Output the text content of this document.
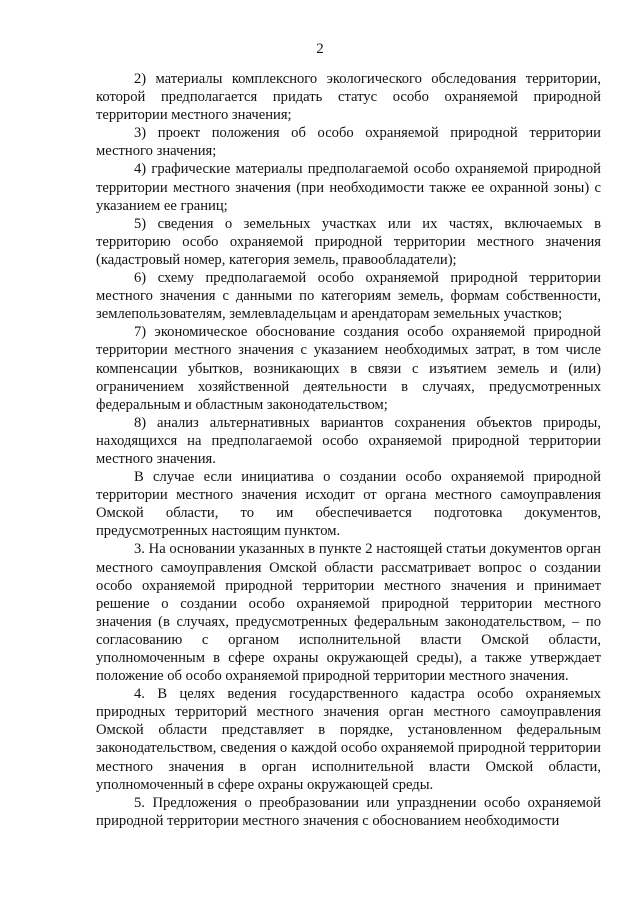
2

2) материалы комплексного экологического обследования территории, которой предполагается придать статус особо охраняемой природной территории местного значения;

3) проект положения об особо охраняемой природной территории местного значения;

4) графические материалы предполагаемой особо охраняемой природной территории местного значения (при необходимости также ее охранной зоны) с указанием ее границ;

5) сведения о земельных участках или их частях, включаемых в территорию особо охраняемой природной территории местного значения (кадастровый номер, категория земель, правообладатели);

6) схему предполагаемой особо охраняемой природной территории местного значения с данными по категориям земель, формам собственности, землепользователям, землевладельцам и арендаторам земельных участков;

7) экономическое обоснование создания особо охраняемой природной территории местного значения с указанием необходимых затрат, в том числе компенсации убытков, возникающих в связи с изъятием земель и (или) ограничением хозяйственной деятельности в случаях, предусмотренных федеральным и областным законодательством;

8) анализ альтернативных вариантов сохранения объектов природы, находящихся на предполагаемой особо охраняемой природной территории местного значения.

В случае если инициатива о создании особо охраняемой природной территории местного значения исходит от органа местного самоуправления Омской области, то им обеспечивается подготовка документов, предусмотренных настоящим пунктом.

3. На основании указанных в пункте 2 настоящей статьи документов орган местного самоуправления Омской области рассматривает вопрос о создании особо охраняемой природной территории местного значения и принимает решение о создании особо охраняемой природной территории местного значения (в случаях, предусмотренных федеральным законодательством, – по согласованию с органом исполнительной власти Омской области, уполномоченным в сфере охраны окружающей среды), а также утверждает положение об особо охраняемой природной территории местного значения.

4. В целях ведения государственного кадастра особо охраняемых природных территорий местного значения орган местного самоуправления Омской области представляет в порядке, установленном федеральным законодательством, сведения о каждой особо охраняемой природной территории местного значения в орган исполнительной власти Омской области, уполномоченный в сфере охраны окружающей среды.

5. Предложения о преобразовании или упразднении особо охраняемой природной территории местного значения с обоснованием необходимости
